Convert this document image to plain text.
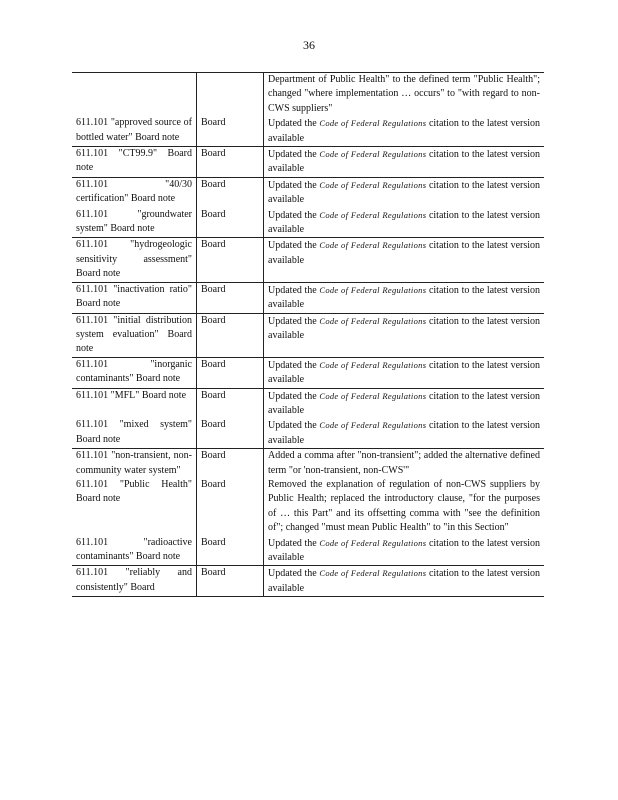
36
		Department of Public Health" to the defined term "Public Health"; changed "where implementation … occurs" to "with regard to non-CWS suppliers"

611.101 "approved source of bottled water" Board note	Board	Updated the Code of Federal Regulations citation to the latest version available

611.101 "CT99.9" Board note	Board	Updated the Code of Federal Regulations citation to the latest version available

611.101 "40/30 certification" Board note	Board	Updated the Code of Federal Regulations citation to the latest version available

611.101 "groundwater system" Board note	Board	Updated the Code of Federal Regulations citation to the latest version available

611.101 "hydrogeologic sensitivity assessment" Board note	Board	Updated the Code of Federal Regulations citation to the latest version available

611.101 "inactivation ratio" Board note	Board	Updated the Code of Federal Regulations citation to the latest version available

611.101 "initial distribution system evaluation" Board note	Board	Updated the Code of Federal Regulations citation to the latest version available

611.101 "inorganic contaminants" Board note	Board	Updated the Code of Federal Regulations citation to the latest version available

611.101 "MFL" Board note	Board	Updated the Code of Federal Regulations citation to the latest version available

611.101 "mixed system" Board note	Board	Updated the Code of Federal Regulations citation to the latest version available

611.101 "non-transient, non-community water system"	Board	Added a comma after "non-transient"; added the alternative defined term "or 'non-transient, non-CWS'"

611.101 "Public Health" Board note	Board	Removed the explanation of regulation of non-CWS suppliers by Public Health; replaced the introductory clause, "for the purposes of … this Part" and its offsetting comma with "see the definition of"; changed "must mean Public Health" to "in this Section"

611.101 "radioactive contaminants" Board note	Board	Updated the Code of Federal Regulations citation to the latest version available

611.101 "reliably and consistently" Board	Board	Updated the Code of Federal Regulations citation to the latest version available
